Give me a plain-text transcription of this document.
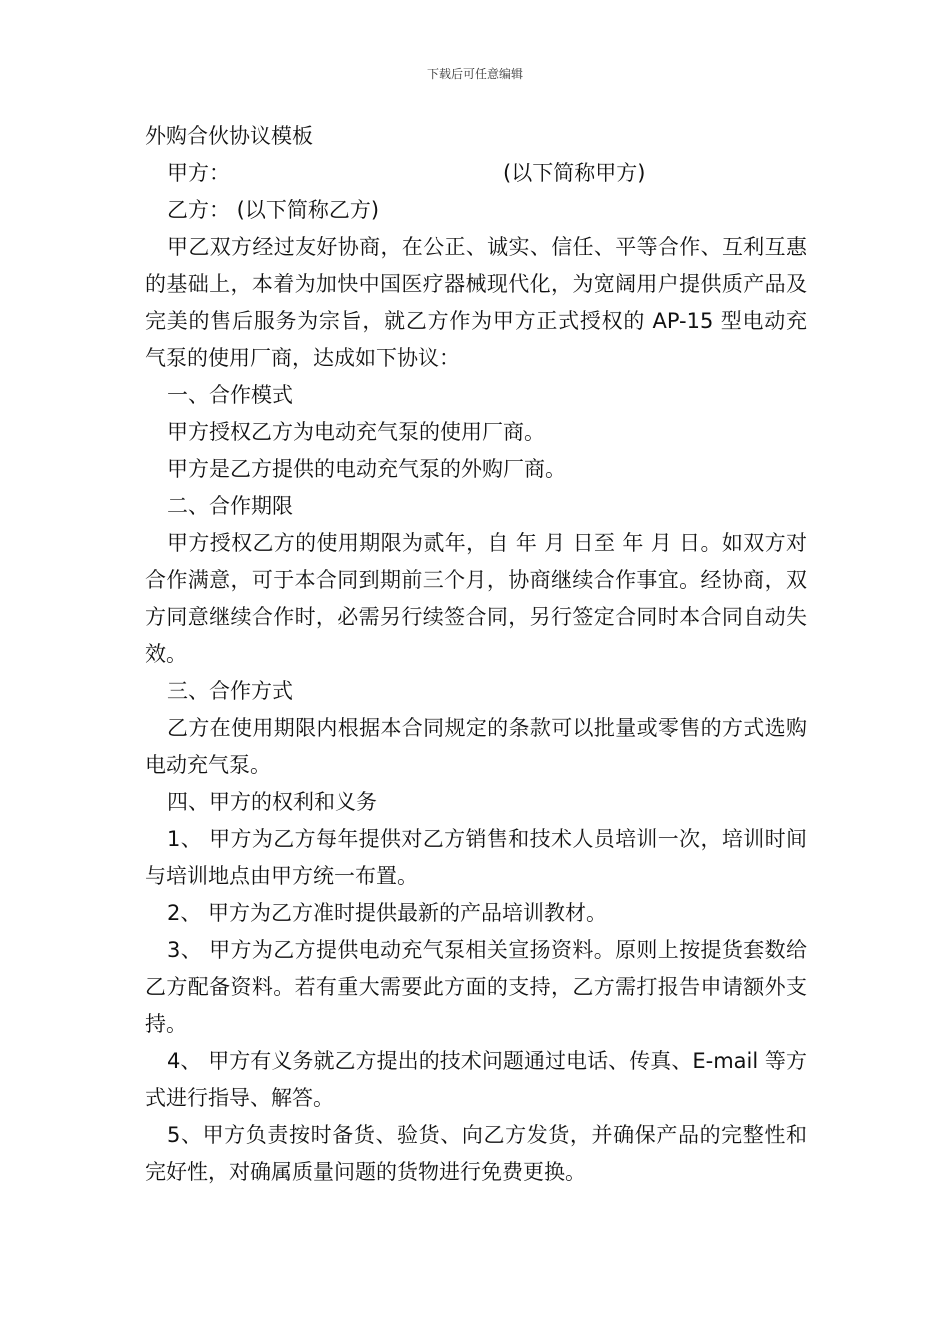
下载后可任意编辑
外购合伙协议模板
甲方：	(以下简称甲方)
乙方： (以下简称乙方)
甲乙双方经过友好协商，在公正、诚实、信任、平等合作、互利互惠的基础上，本着为加快中国医疗器械现代化，为宽阔用户提供质产品及完美的售后服务为宗旨，就乙方作为甲方正式授权的 AP-15 型电动充气泵的使用厂商，达成如下协议：
一、合作模式
甲方授权乙方为电动充气泵的使用厂商。
甲方是乙方提供的电动充气泵的外购厂商。
二、合作期限
甲方授权乙方的使用期限为贰年，自 年 月 日至 年 月 日。如双方对合作满意，可于本合同到期前三个月，协商继续合作事宜。经协商，双方同意继续合作时，必需另行续签合同，另行签定合同时本合同自动失效。
三、合作方式
乙方在使用期限内根据本合同规定的条款可以批量或零售的方式选购电动充气泵。
四、甲方的权利和义务
1、 甲方为乙方每年提供对乙方销售和技术人员培训一次，培训时间与培训地点由甲方统一布置。
2、 甲方为乙方准时提供最新的产品培训教材。
3、 甲方为乙方提供电动充气泵相关宣扬资料。原则上按提货套数给乙方配备资料。若有重大需要此方面的支持，乙方需打报告申请额外支持。
4、 甲方有义务就乙方提出的技术问题通过电话、传真、E-mail 等方式进行指导、解答。
5、甲方负责按时备货、验货、向乙方发货，并确保产品的完整性和完好性，对确属质量问题的货物进行免费更换。
